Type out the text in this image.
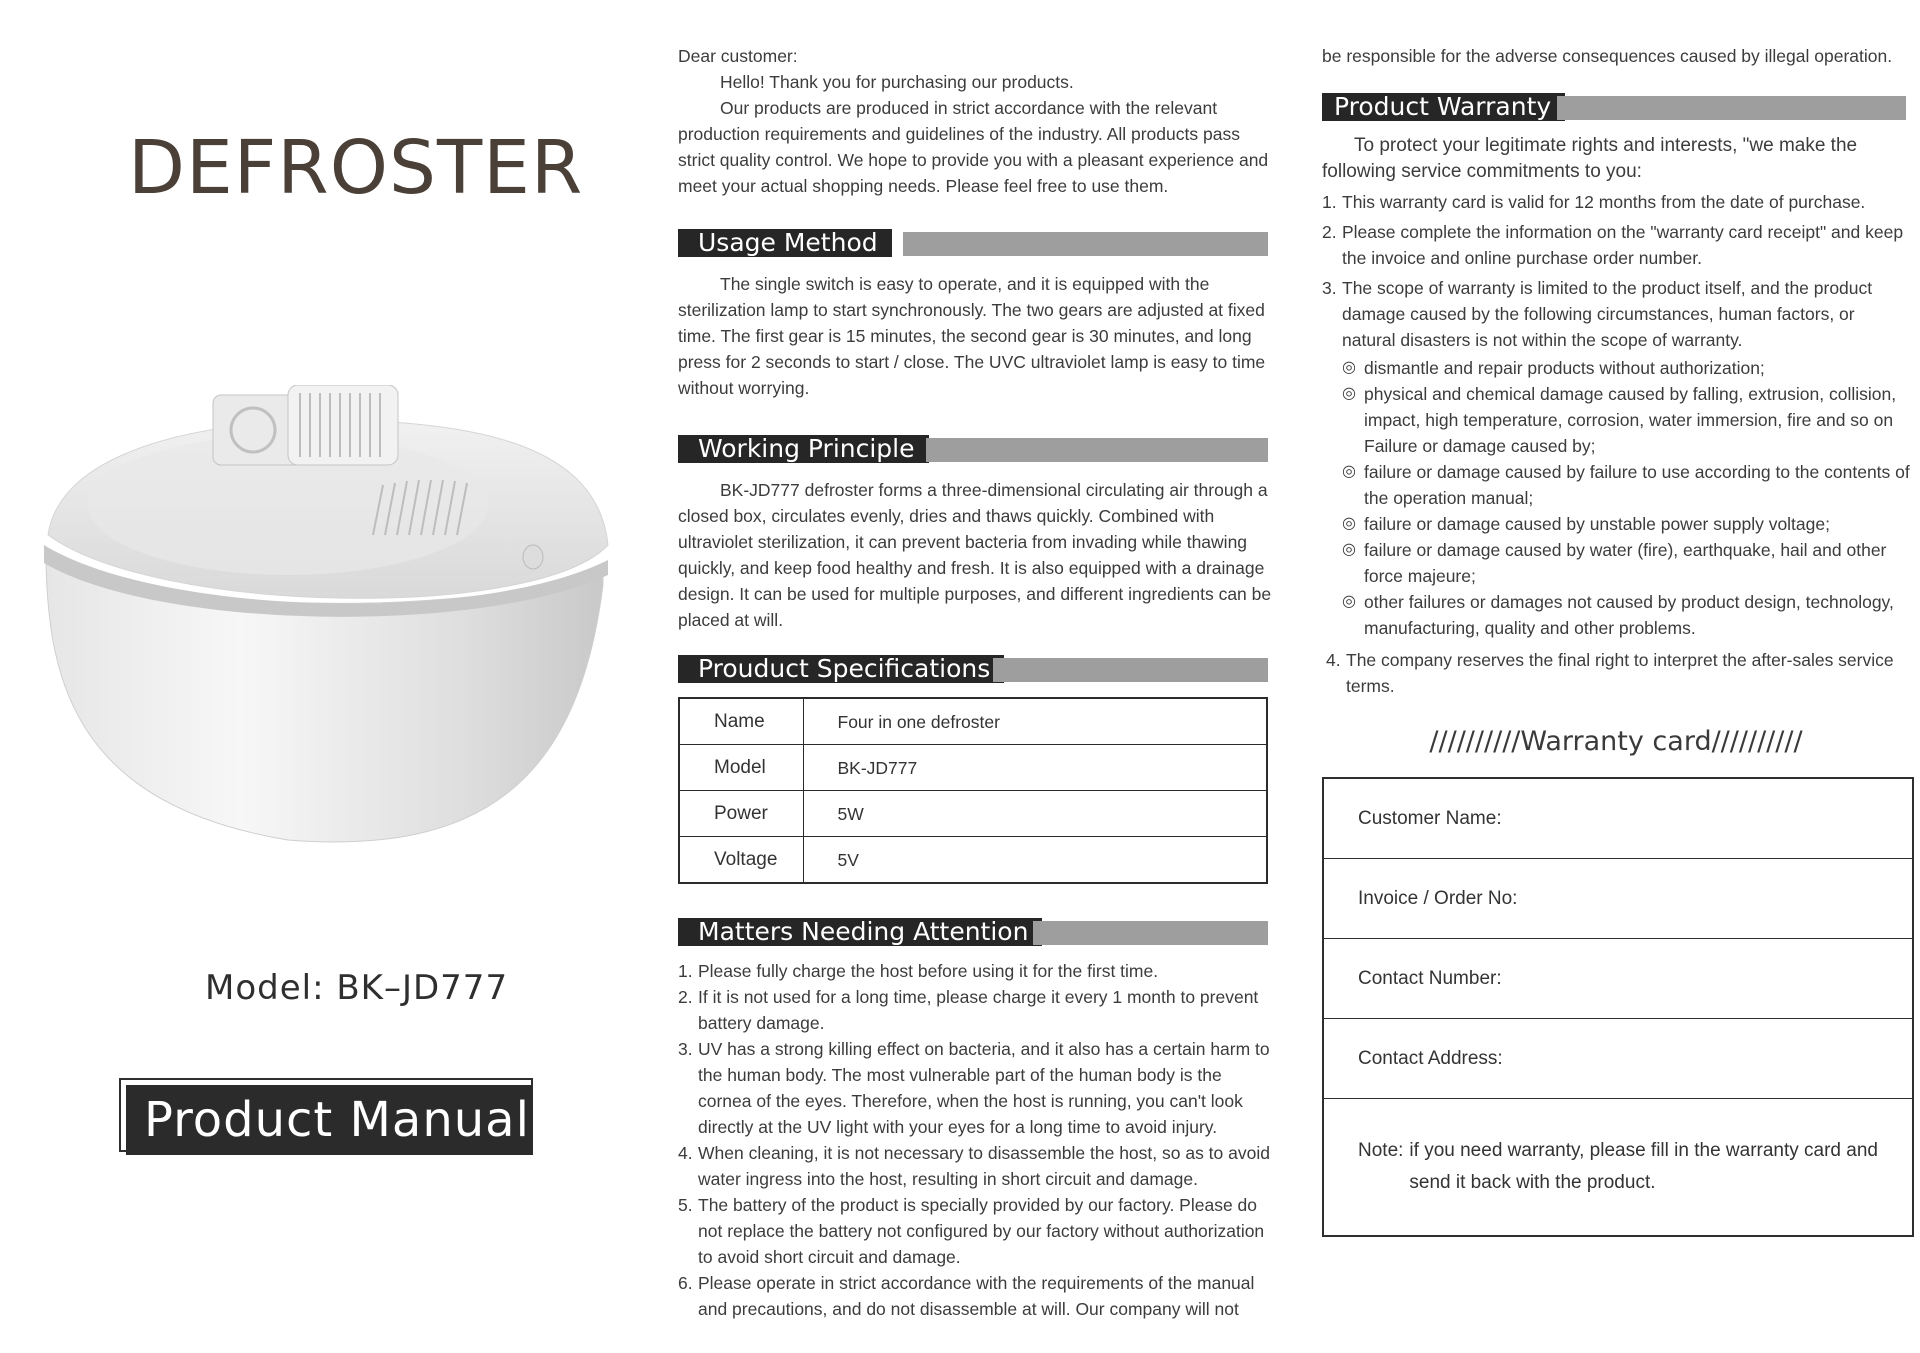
DEFROSTER
Model: BK–JD777
Product Manual

Dear customer:

Hello! Thank you for purchasing our products.

Our products are produced in strict accordance with the relevant production requirements and guidelines of the industry. All products pass strict quality control. We hope to provide you with a pleasant experience and meet your actual shopping needs. Please feel free to use them.

Usage Method

The single switch is easy to operate, and it is equipped with the sterilization lamp to start synchronously. The two gears are adjusted at fixed time. The first gear is 15 minutes, the second gear is 30 minutes, and long press for 2 seconds to start / close. The UVC ultraviolet lamp is easy to time without worrying.

Working Principle

BK-JD777 defroster forms a three-dimensional circulating air through a closed box, circulates evenly, dries and thaws quickly. Combined with ultraviolet sterilization, it can prevent bacteria from invading while thawing quickly, and keep food healthy and fresh. It is also equipped with a drainage design. It can be used for multiple purposes, and different ingredients can be placed at will.

Prouduct Specifications
Name	Four in one defroster
Model	BK-JD777
Power	5W
Voltage	5V
Matters Needing Attention
1. Please fully charge the host before using it for the first time.
2. If it is not used for a long time, please charge it every 1 month to prevent battery damage.
3. UV has a strong killing effect on bacteria, and it also has a certain harm to the human body. The most vulnerable part of the human body is the cornea of the eyes. Therefore, when the host is running, you can't look directly at the UV light with your eyes for a long time to avoid injury.
4. When cleaning, it is not necessary to disassemble the host, so as to avoid water ingress into the host, resulting in short circuit and damage.
5. The battery of the product is specially provided by our factory. Please do not replace the battery not configured by our factory without authorization to avoid short circuit and damage.
6. Please operate in strict accordance with the requirements of the manual and precautions, and do not disassemble at will. Our company will not

be responsible for the adverse consequences caused by illegal operation.

Product Warranty

To protect your legitimate rights and interests, "we make the following service commitments to you:

1. This warranty card is valid for 12 months from the date of purchase.
2. Please complete the information on the "warranty card receipt" and keep the invoice and online purchase order number.
3. The scope of warranty is limited to the product itself, and the product damage caused by the following circumstances, human factors, or natural disasters is not within the scope of warranty.
◎ dismantle and repair products without authorization;
◎ physical and chemical damage caused by falling, extrusion, collision, impact, high temperature, corrosion, water immersion, fire and so on Failure or damage caused by;
◎ failure or damage caused by failure to use according to the contents of the operation manual;
◎ failure or damage caused by unstable power supply voltage;
◎ failure or damage caused by water (fire), earthquake, hail and other force majeure;
◎ other failures or damages not caused by product design, technology, manufacturing, quality and other problems.
4. The company reserves the final right to interpret the after-sales service terms.
//////////Warranty card//////////
Customer Name:
Invoice / Order No:
Contact Number:
Contact Address:
Note: if you need warranty, please fill in the warranty card and send it back with the product.
